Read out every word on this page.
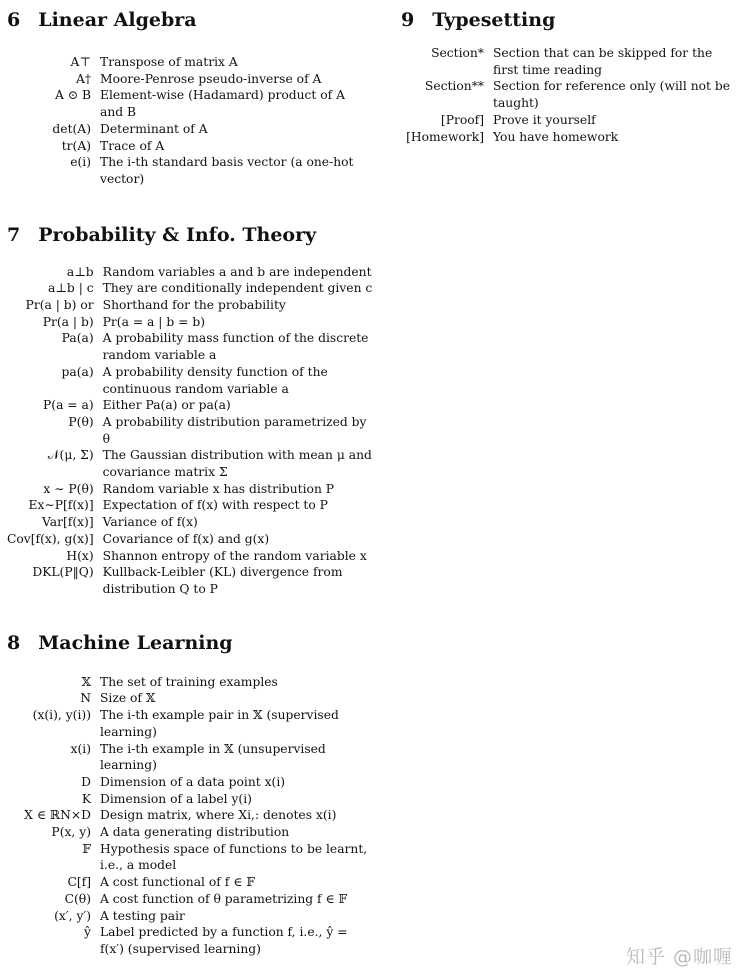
6 Linear Algebra
A⊤	Transpose of matrix A
A†	Moore-Penrose pseudo-inverse of A
A ⊙ B	Element-wise (Hadamard) product of A and B
det(A)	Determinant of A
tr(A)	Trace of A
e(i)	The i-th standard basis vector (a one-hot vector)
7 Probability & Info. Theory
a⊥b	Random variables a and b are independent
a⊥b | c	They are conditionally independent given c
Pr(a | b) or	Shorthand for the probability
Pr(a | b)	Pr(a = a | b = b)
Pa(a)	A probability mass function of the discrete random variable a
pa(a)	A probability density function of the continuous random variable a
P(a = a)	Either Pa(a) or pa(a)
P(θ)	A probability distribution parametrized by θ
𝒩(μ, Σ)	The Gaussian distribution with mean μ and covariance matrix Σ
x ∼ P(θ)	Random variable x has distribution P
Ex∼P[f(x)]	Expectation of f(x) with respect to P
Var[f(x)]	Variance of f(x)
Cov[f(x), g(x)]	Covariance of f(x) and g(x)
H(x)	Shannon entropy of the random variable x
DKL(P‖Q)	Kullback-Leibler (KL) divergence from distribution Q to P
8 Machine Learning
𝕏	The set of training examples
N	Size of 𝕏
(x(i), y(i))	The i-th example pair in 𝕏 (supervised learning)
x(i)	The i-th example in 𝕏 (unsupervised learning)
D	Dimension of a data point x(i)
K	Dimension of a label y(i)
X ∈ ℝN×D	Design matrix, where Xi,: denotes x(i)
P(x, y)	A data generating distribution
𝔽	Hypothesis space of functions to be learnt, i.e., a model
C[f]	A cost functional of f ∈ 𝔽
C(θ)	A cost function of θ parametrizing f ∈ 𝔽
(x′, y′)	A testing pair
ŷ	Label predicted by a function f, i.e., ŷ = f(x′) (supervised learning)
9 Typesetting
Section*	Section that can be skipped for the first time reading
Section**	Section for reference only (will not be taught)
[Proof]	Prove it yourself
[Homework]	You have homework
知乎 @咖喱
